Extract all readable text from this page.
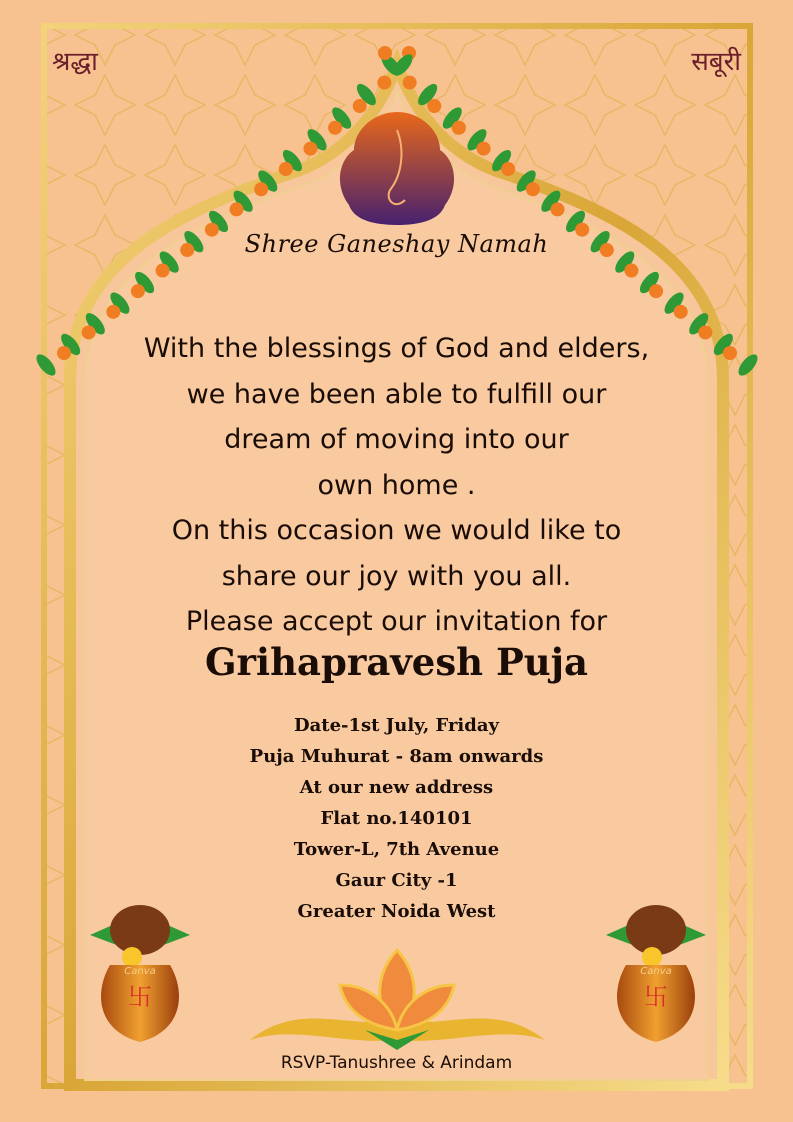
卐	卐
श्रद्धा	सबूरी
Shree Ganeshay Namah
With the blessings of God and elders,
we have been able to fulfill our
dream of moving into our
own home .
On this occasion we would like to
share our joy with you all.
Please accept our invitation for
Grihapravesh Puja
Date-1st July, Friday
Puja Muhurat - 8am onwards
At our new address
Flat no.140101
Tower-L, 7th Avenue
Gaur City -1
Greater Noida West
Canva	Canva
RSVP-Tanushree & Arindam
